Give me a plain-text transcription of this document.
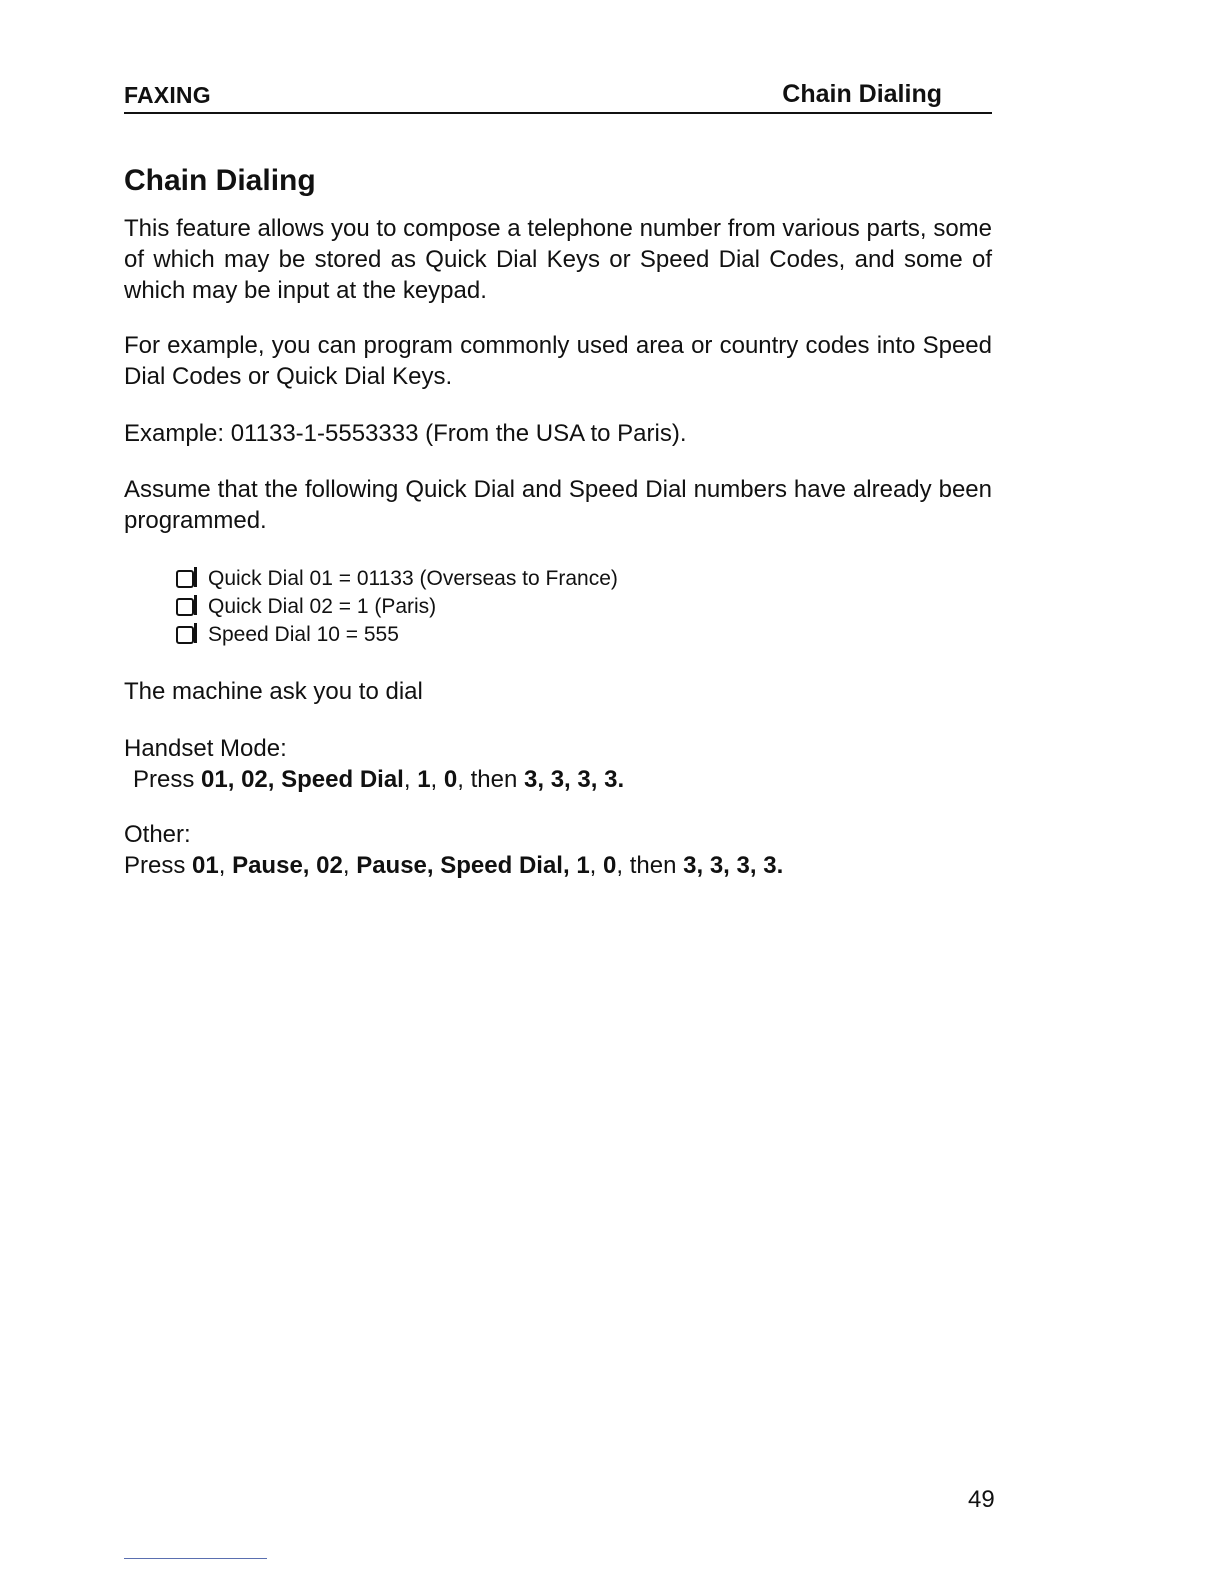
FAXING	Chain Dialing
Chain Dialing

This feature allows you to compose a telephone number from various parts, some of which may be stored as Quick Dial Keys or Speed Dial Codes, and some of which may be input at the keypad.

For example, you can program commonly used area or country codes into Speed Dial Codes or Quick Dial Keys.

Example: 01133-1-5553333 (From the USA to Paris).

Assume that the following Quick Dial and Speed Dial numbers have already been programmed.

Quick Dial 01 = 01133 (Overseas to France)
Quick Dial 02 = 1 (Paris)
Speed Dial 10 = 555

The machine ask you to dial

Handset Mode:

Press 01, 02, Speed Dial, 1, 0, then 3, 3, 3, 3.

Other:

Press 01, Pause, 02, Pause, Speed Dial, 1, 0, then 3, 3, 3, 3.

49
